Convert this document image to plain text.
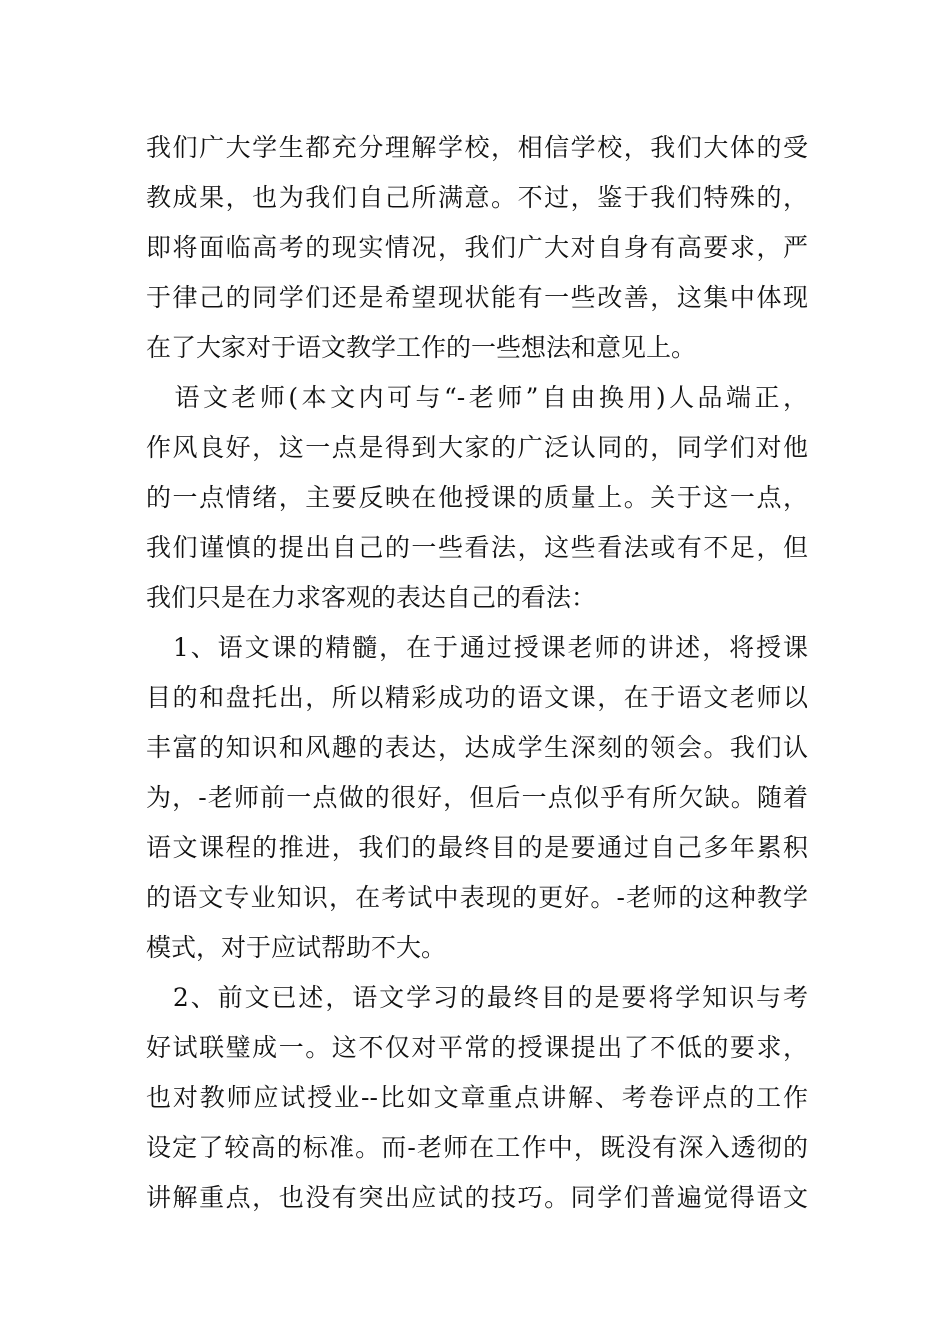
我们广大学生都充分理解学校，相信学校，我们大体的受
教成果，也为我们自己所满意。不过，鉴于我们特殊的，
即将面临高考的现实情况，我们广大对自身有高要求，严
于律己的同学们还是希望现状能有一些改善，这集中体现
在了大家对于语文教学工作的一些想法和意见上。
　语文老师(本文内可与“-老师”自由换用)人品端正，
作风良好，这一点是得到大家的广泛认同的，同学们对他
的一点情绪，主要反映在他授课的质量上。关于这一点，
我们谨慎的提出自己的一些看法，这些看法或有不足，但
我们只是在力求客观的表达自己的看法：
　1、语文课的精髓，在于通过授课老师的讲述，将授课
目的和盘托出，所以精彩成功的语文课，在于语文老师以
丰富的知识和风趣的表达，达成学生深刻的领会。我们认
为，-老师前一点做的很好，但后一点似乎有所欠缺。随着
语文课程的推进，我们的最终目的是要通过自己多年累积
的语文专业知识，在考试中表现的更好。-老师的这种教学
模式，对于应试帮助不大。
　2、前文已述，语文学习的最终目的是要将学知识与考
好试联璧成一。这不仅对平常的授课提出了不低的要求，
也对教师应试授业--比如文章重点讲解、考卷评点的工作
设定了较高的标准。而-老师在工作中，既没有深入透彻的
讲解重点，也没有突出应试的技巧。同学们普遍觉得语文
